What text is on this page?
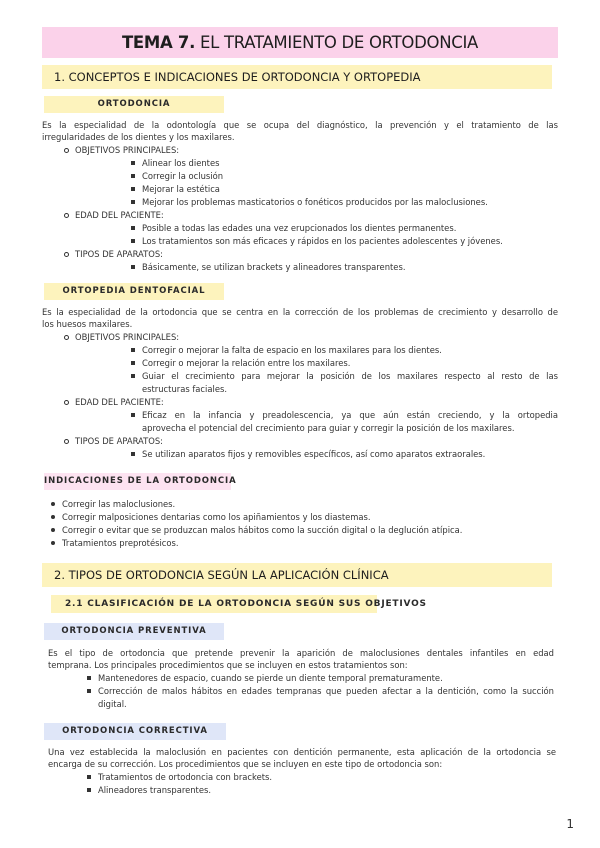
TEMA 7. EL TRATAMIENTO DE ORTODONCIA
1. CONCEPTOS E INDICACIONES DE ORTODONCIA Y ORTOPEDIA
ORTODONCIA
Es la especialidad de la odontología que se ocupa del diagnóstico, la prevención y el tratamiento de las
irregularidades de los dientes y los maxilares.
OBJETIVOS PRINCIPALES:
Alinear los dientes
Corregir la oclusión
Mejorar la estética
Mejorar los problemas masticatorios o fonéticos producidos por las maloclusiones.
EDAD DEL PACIENTE:
Posible a todas las edades una vez erupcionados los dientes permanentes.
Los tratamientos son más eficaces y rápidos en los pacientes adolescentes y jóvenes.
TIPOS DE APARATOS:
Básicamente, se utilizan brackets y alineadores transparentes.
ORTOPEDIA DENTOFACIAL
Es la especialidad de la ortodoncia que se centra en la corrección de los problemas de crecimiento y desarrollo de
los huesos maxilares.
OBJETIVOS PRINCIPALES:
Corregir o mejorar la falta de espacio en los maxilares para los dientes.
Corregir o mejorar la relación entre los maxilares.
Guiar el crecimiento para mejorar la posición de los maxilares respecto al resto de las
estructuras faciales.
EDAD DEL PACIENTE:
Eficaz en la infancia y preadolescencia, ya que aún están creciendo, y la ortopedia
aprovecha el potencial del crecimiento para guiar y corregir la posición de los maxilares.
TIPOS DE APARATOS:
Se utilizan aparatos fijos y removibles específicos, así como aparatos extraorales.
INDICACIONES DE LA ORTODONCIA
Corregir las maloclusiones.
Corregir malposiciones dentarias como los apiñamientos y los diastemas.
Corregir o evitar que se produzcan malos hábitos como la succión digital o la deglución atípica.
Tratamientos preprotésicos.
2. TIPOS DE ORTODONCIA SEGÚN LA APLICACIÓN CLÍNICA
2.1 CLASIFICACIÓN DE LA ORTODONCIA SEGÚN SUS OBJETIVOS
ORTODONCIA PREVENTIVA
Es el tipo de ortodoncia que pretende prevenir la aparición de maloclusiones dentales infantiles en edad
temprana. Los principales procedimientos que se incluyen en estos tratamientos son:
Mantenedores de espacio, cuando se pierde un diente temporal prematuramente.
Corrección de malos hábitos en edades tempranas que pueden afectar a la dentición, como la succión
digital.
ORTODONCIA CORRECTIVA
Una vez establecida la maloclusión en pacientes con dentición permanente, esta aplicación de la ortodoncia se
encarga de su corrección. Los procedimientos que se incluyen en este tipo de ortodoncia son:
Tratamientos de ortodoncia con brackets.
Alineadores transparentes.
1
